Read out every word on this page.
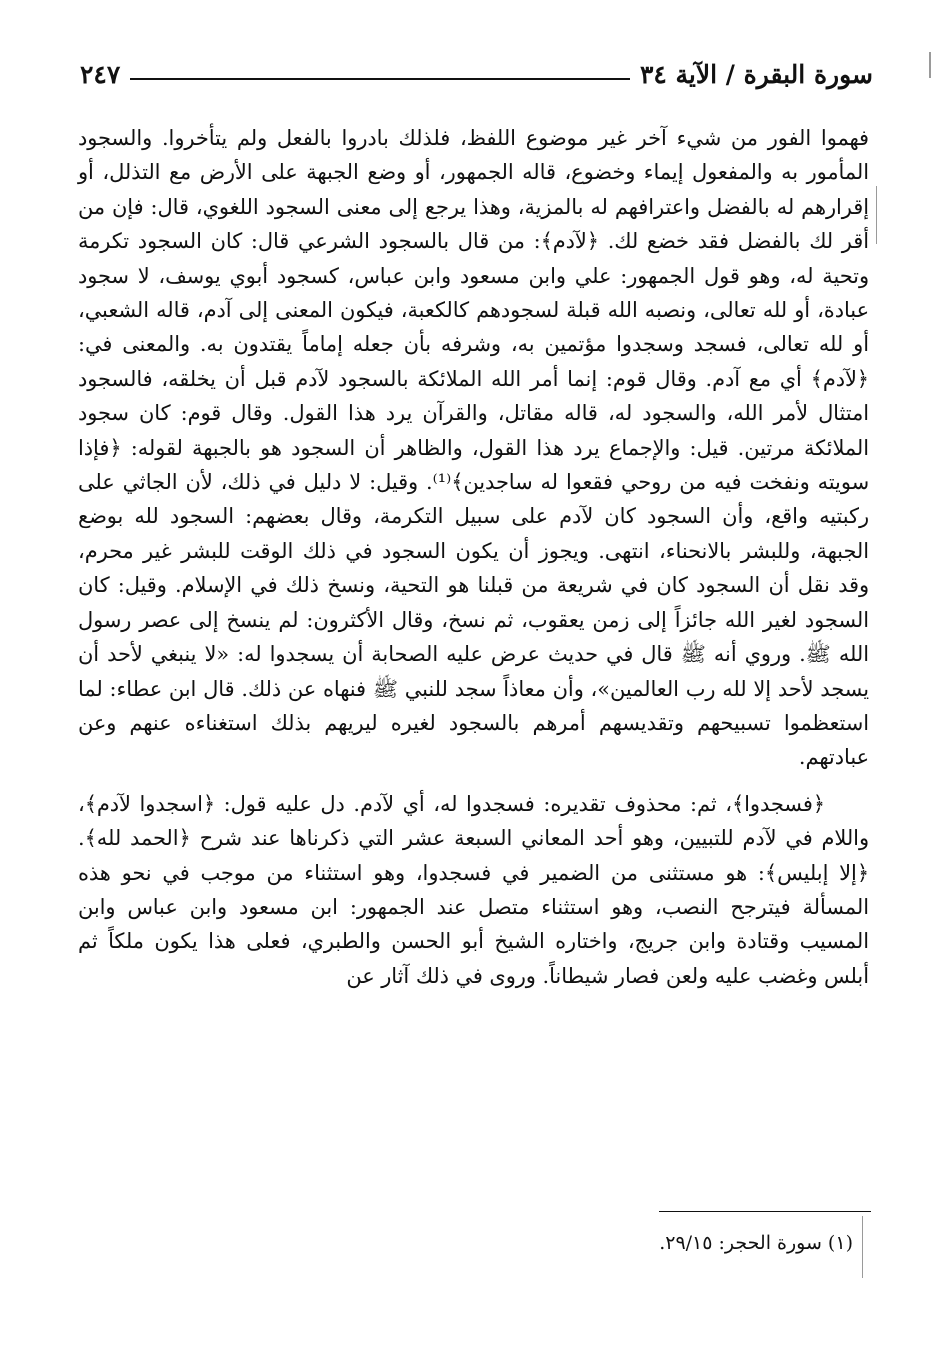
سورة البقرة / الآية ٣٤
٢٤٧

فهموا الفور من شيء آخر غير موضوع اللفظ، فلذلك بادروا بالفعل ولم يتأخروا. والسجود المأمور به والمفعول إيماء وخضوع، قاله الجمهور، أو وضع الجبهة على الأرض مع التذلل، أو إقرارهم له بالفضل واعترافهم له بالمزية، وهذا يرجع إلى معنى السجود اللغوي، قال: فإن من أقر لك بالفضل فقد خضع لك. ﴿لآدم﴾: من قال بالسجود الشرعي قال: كان السجود تكرمة وتحية له، وهو قول الجمهور: علي وابن مسعود وابن عباس، كسجود أبوي يوسف، لا سجود عبادة، أو لله تعالى، ونصبه الله قبلة لسجودهم كالكعبة، فيكون المعنى إلى آدم، قاله الشعبي، أو لله تعالى، فسجد وسجدوا مؤتمين به، وشرفه بأن جعله إماماً يقتدون به. والمعنى في: ﴿لآدم﴾ أي مع آدم. وقال قوم: إنما أمر الله الملائكة بالسجود لآدم قبل أن يخلقه، فالسجود امتثال لأمر الله، والسجود له، قاله مقاتل، والقرآن يرد هذا القول. وقال قوم: كان سجود الملائكة مرتين. قيل: والإجماع يرد هذا القول، والظاهر أن السجود هو بالجبهة لقوله: ﴿فإذا سويته ونفخت فيه من روحي فقعوا له ساجدين﴾⁽¹⁾. وقيل: لا دليل في ذلك، لأن الجاثي على ركبتيه واقع، وأن السجود كان لآدم على سبيل التكرمة، وقال بعضهم: السجود لله بوضع الجبهة، وللبشر بالانحناء، انتهى. ويجوز أن يكون السجود في ذلك الوقت للبشر غير محرم، وقد نقل أن السجود كان في شريعة من قبلنا هو التحية، ونسخ ذلك في الإسلام. وقيل: كان السجود لغير الله جائزاً إلى زمن يعقوب، ثم نسخ، وقال الأكثرون: لم ينسخ إلى عصر رسول الله ﷺ. وروي أنه ﷺ قال في حديث عرض عليه الصحابة أن يسجدوا له: «لا ينبغي لأحد أن يسجد لأحد إلا لله رب العالمين»، وأن معاذاً سجد للنبي ﷺ فنهاه عن ذلك. قال ابن عطاء: لما استعظموا تسبيحهم وتقديسهم أمرهم بالسجود لغيره ليريهم بذلك استغناءه عنهم وعن عبادتهم.

﴿فسجدوا﴾، ثم: محذوف تقديره: فسجدوا له، أي لآدم. دل عليه قول: ﴿اسجدوا لآدم﴾، واللام في لآدم للتبيين، وهو أحد المعاني السبعة عشر التي ذكرناها عند شرح ﴿الحمد لله﴾. ﴿إلا إبليس﴾: هو مستثنى من الضمير في فسجدوا، وهو استثناء من موجب في نحو هذه المسألة فيترجح النصب، وهو استثناء متصل عند الجمهور: ابن مسعود وابن عباس وابن المسيب وقتادة وابن جريج، واختاره الشيخ أبو الحسن والطبري، فعلى هذا يكون ملكاً ثم أبلس وغضب عليه ولعن فصار شيطاناً. وروى في ذلك آثار عن

(١) سورة الحجر: ٢٩/١٥.
